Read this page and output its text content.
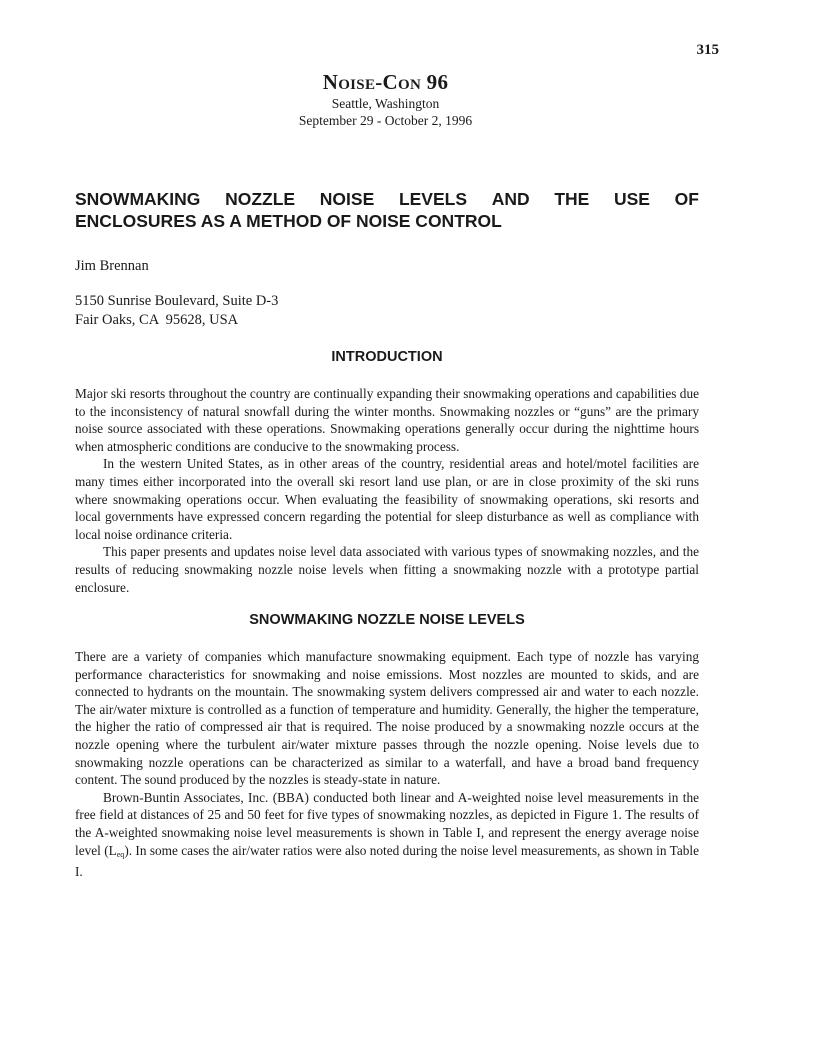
315
Noise-Con 96
Seattle, Washington
September 29 - October 2, 1996
SNOWMAKING NOZZLE NOISE LEVELS AND THE USE OF
ENCLOSURES AS A METHOD OF NOISE CONTROL
Jim Brennan
5150 Sunrise Boulevard, Suite D-3
Fair Oaks, CA  95628, USA
INTRODUCTION

Major ski resorts throughout the country are continually expanding their snowmaking operations and capabilities due to the inconsistency of natural snowfall during the winter months. Snowmaking nozzles or “guns” are the primary noise source associated with these operations. Snowmaking operations generally occur during the nighttime hours when atmospheric conditions are conducive to the snowmaking process.

In the western United States, as in other areas of the country, residential areas and hotel/motel facilities are many times either incorporated into the overall ski resort land use plan, or are in close proximity of the ski runs where snowmaking operations occur. When evaluating the feasibility of snowmaking operations, ski resorts and local governments have expressed concern regarding the potential for sleep disturbance as well as compliance with local noise ordinance criteria.

This paper presents and updates noise level data associated with various types of snowmaking nozzles, and the results of reducing snowmaking nozzle noise levels when fitting a snowmaking nozzle with a prototype partial enclosure.

SNOWMAKING NOZZLE NOISE LEVELS

There are a variety of companies which manufacture snowmaking equipment. Each type of nozzle has varying performance characteristics for snowmaking and noise emissions. Most nozzles are mounted to skids, and are connected to hydrants on the mountain. The snowmaking system delivers compressed air and water to each nozzle. The air/water mixture is controlled as a function of temperature and humidity. Generally, the higher the temperature, the higher the ratio of compressed air that is required. The noise produced by a snowmaking nozzle occurs at the nozzle opening where the turbulent air/water mixture passes through the nozzle opening. Noise levels due to snowmaking nozzle operations can be characterized as similar to a waterfall, and have a broad band frequency content. The sound produced by the nozzles is steady-state in nature.

Brown-Buntin Associates, Inc. (BBA) conducted both linear and A-weighted noise level measurements in the free field at distances of 25 and 50 feet for five types of snowmaking nozzles, as depicted in Figure 1. The results of the A-weighted snowmaking noise level measurements is shown in Table I, and represent the energy average noise level $(L_{eq})$. In some cases the air/water ratios were also noted during the noise level measurements, as shown in Table I.
